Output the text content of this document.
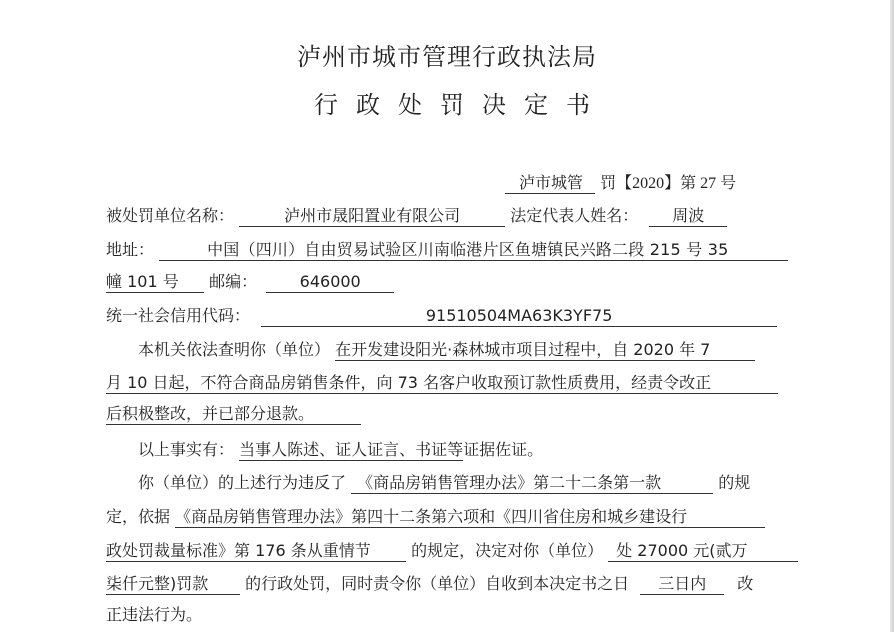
泸州市城市管理行政执法局
行政处罚决定书
泸市城管 罚【2020】第 27 号
被处罚单位名称：	泸州市晟阳置业有限公司	法定代表人姓名： 周波
地址：	中国（四川）自由贸易试验区川南临港片区鱼塘镇民兴路二段 215 号 35
幢 101 号 邮编：	646000
统一社会信用代码：	91510504MA63K3YF75
本机关依法查明你（单位） 在开发建设阳光·森林城市项目过程中，自 2020 年 7
月 10 日起，不符合商品房销售条件，向 73 名客户收取预订款性质费用，经责令改正
后积极整改，并已部分退款。
以上事实有： 当事人陈述、证人证言、书证等证据佐证。
你（单位）的上述行为违反了 《商品房销售管理办法》第二十二条第一款	的规
定，依据 《商品房销售管理办法》第四十二条第六项和《四川省住房和城乡建设行
政处罚裁量标准》第 176 条从重情节	的规定，决定对你（单位） 处 27000 元(贰万
柒仟元整)罚款 的行政处罚，同时责令你（单位）自收到本决定书之日 三日内 改
正违法行为。
